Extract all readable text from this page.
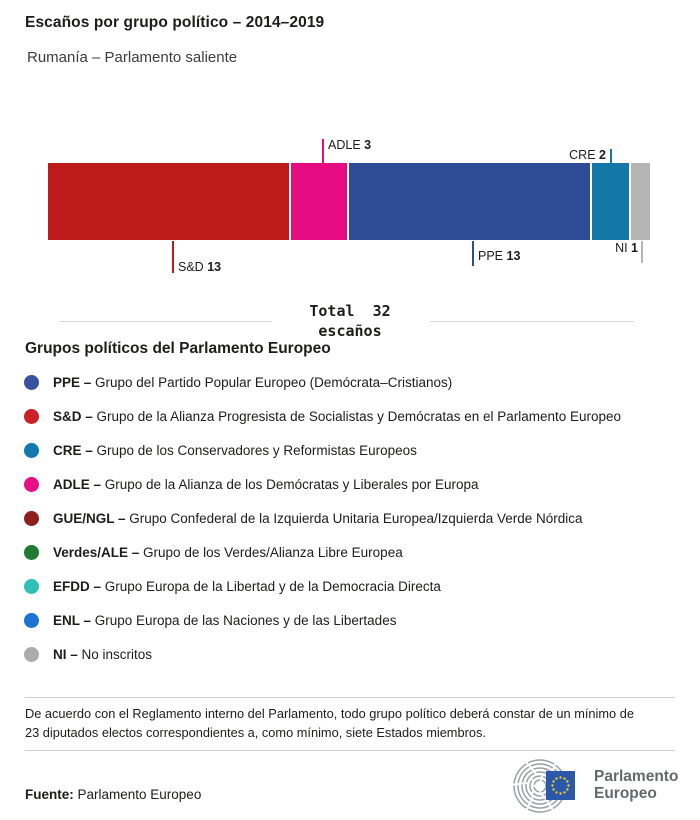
Escaños por grupo político – 2014–2019
Rumanía – Parlamento saliente
ADLE 3
CRE 2
S&D 13
PPE 13
NI 1
Total  32
escaños
Grupos políticos del Parlamento Europeo
PPE – Grupo del Partido Popular Europeo (Demócrata–Cristianos)
S&D – Grupo de la Alianza Progresista de Socialistas y Demócratas en el Parlamento Europeo
CRE – Grupo de los Conservadores y Reformistas Europeos
ADLE – Grupo de la Alianza de los Demócratas y Liberales por Europa
GUE/NGL – Grupo Confederal de la Izquierda Unitaria Europea/Izquierda Verde Nórdica
Verdes/ALE – Grupo de los Verdes/Alianza Libre Europea
EFDD – Grupo Europa de la Libertad y de la Democracia Directa
ENL – Grupo Europa de las Naciones y de las Libertades
NI – No inscritos
De acuerdo con el Reglamento interno del Parlamento, todo grupo político deberá constar de un mínimo de 23 diputados electos correspondientes a, como mínimo, siete Estados miembros.
Fuente: Parlamento Europeo
Parlamento
Europeo
